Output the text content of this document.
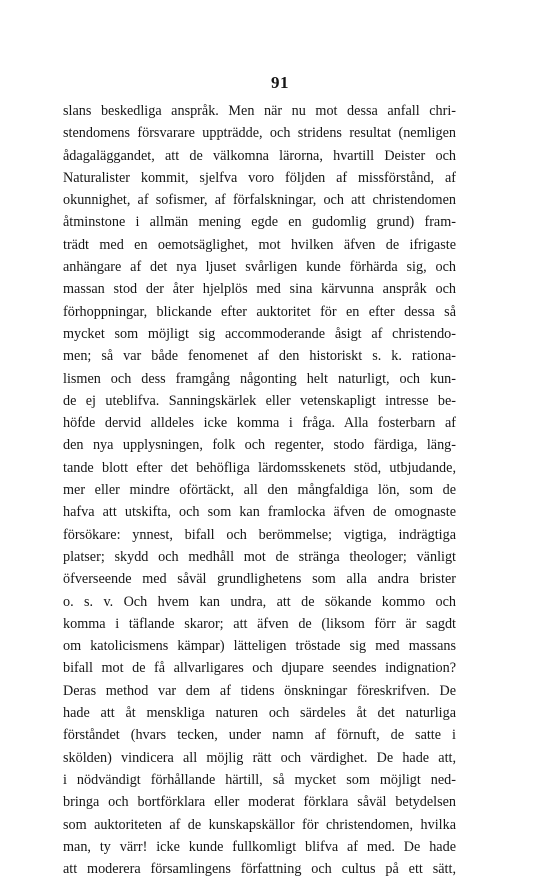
91
slans beskedliga anspråk. Men när nu mot dessa anfall chri-
stendomens försvarare uppträdde, och stridens resultat (nemligen
ådagaläggandet, att de välkomna lärorna, hvartill Deister och
Naturalister kommit, sjelfva voro följden af missförstånd, af
okunnighet, af sofismer, af förfalskningar, och att christendomen
åtminstone i allmän mening egde en gudomlig grund) fram-
trädt med en oemotsäglighet, mot hvilken äfven de ifrigaste
anhängare af det nya ljuset svårligen kunde förhärda sig, och
massan stod der åter hjelplös med sina kärvunna anspråk och
förhoppningar, blickande efter auktoritet för en efter dessa så
mycket som möjligt sig accommoderande åsigt af christendo-
men; så var både fenomenet af den historiskt s. k. rationa-
lismen och dess framgång någonting helt naturligt, och kun-
de ej uteblifva. Sanningskärlek eller vetenskapligt intresse be-
höfde dervid alldeles icke komma i fråga. Alla fosterbarn af
den nya upplysningen, folk och regenter, stodo färdiga, läng-
tande blott efter det behöfliga lärdomsskenets stöd, utbjudande,
mer eller mindre oförtäckt, all den mångfaldiga lön, som de
hafva att utskifta, och som kan framlocka äfven de omognaste
försökare: ynnest, bifall och berömmelse; vigtiga, indrägtiga
platser; skydd och medhåll mot de stränga theologer; vänligt
öfverseende med såväl grundlighetens som alla andra brister
o. s. v. Och hvem kan undra, att de sökande kommo och
komma i täflande skaror; att äfven de (liksom förr är sagdt
om katolicismens kämpar) lätteligen tröstade sig med massans
bifall mot de få allvarligares och djupare seendes indignation?
Deras method var dem af tidens önskningar föreskrifven. De
hade att åt menskliga naturen och särdeles åt det naturliga
förståndet (hvars tecken, under namn af förnuft, de satte i
skölden) vindicera all möjlig rätt och värdighet. De hade att,
i nödvändigt förhållande härtill, så mycket som möjligt ned-
bringa och bortförklara eller moderat förklara såväl betydelsen
som auktoriteten af de kunskapskällor för christendomen, hvilka
man, ty värr! icke kunde fullkomligt blifva af med. De hade
att moderera församlingens författning och cultus på ett sätt,
